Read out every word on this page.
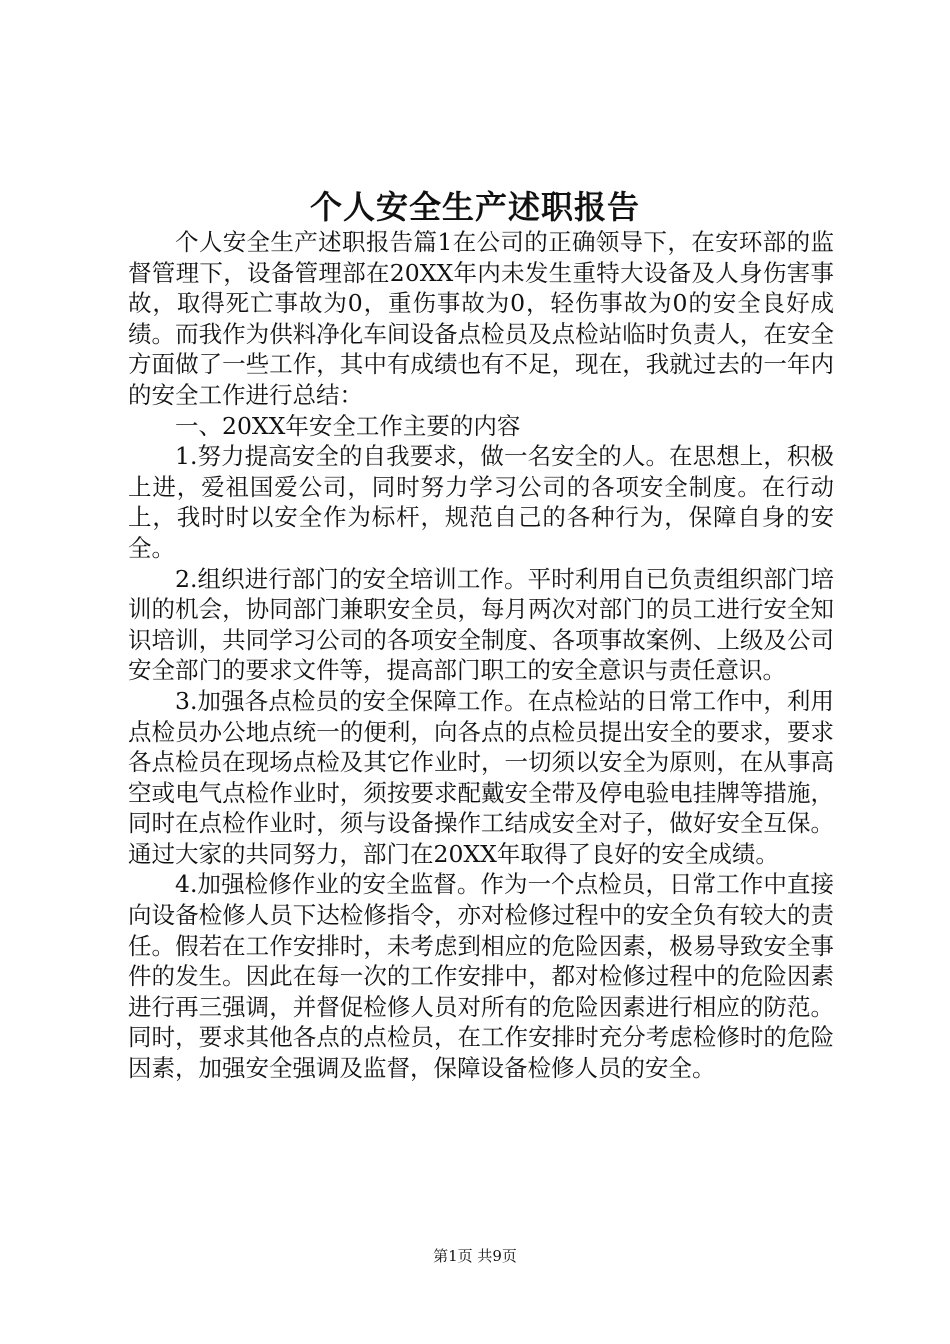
个人安全生产述职报告

个人安全生产述职报告篇1在公司的正确领导下，在安环部的监督管理下，设备管理部在20XX年内未发生重特大设备及人身伤害事故，取得死亡事故为0，重伤事故为0，轻伤事故为0的安全良好成绩。而我作为供料净化车间设备点检员及点检站临时负责人，在安全方面做了一些工作，其中有成绩也有不足，现在，我就过去的一年内的安全工作进行总结：

一、20XX年安全工作主要的内容

1.努力提高安全的自我要求，做一名安全的人。在思想上，积极上进，爱祖国爱公司，同时努力学习公司的各项安全制度。在行动上，我时时以安全作为标杆，规范自己的各种行为，保障自身的安全。

2.组织进行部门的安全培训工作。平时利用自已负责组织部门培训的机会，协同部门兼职安全员，每月两次对部门的员工进行安全知识培训，共同学习公司的各项安全制度、各项事故案例、上级及公司安全部门的要求文件等，提高部门职工的安全意识与责任意识。

3.加强各点检员的安全保障工作。在点检站的日常工作中，利用点检员办公地点统一的便利，向各点的点检员提出安全的要求，要求各点检员在现场点检及其它作业时，一切须以安全为原则，在从事高空或电气点检作业时，须按要求配戴安全带及停电验电挂牌等措施，同时在点检作业时，须与设备操作工结成安全对子，做好安全互保。通过大家的共同努力，部门在20XX年取得了良好的安全成绩。

4.加强检修作业的安全监督。作为一个点检员，日常工作中直接向设备检修人员下达检修指令，亦对检修过程中的安全负有较大的责任。假若在工作安排时，未考虑到相应的危险因素，极易导致安全事件的发生。因此在每一次的工作安排中，都对检修过程中的危险因素进行再三强调，并督促检修人员对所有的危险因素进行相应的防范。同时，要求其他各点的点检员，在工作安排时充分考虑检修时的危险因素，加强安全强调及监督，保障设备检修人员的安全。

第1页 共9页
